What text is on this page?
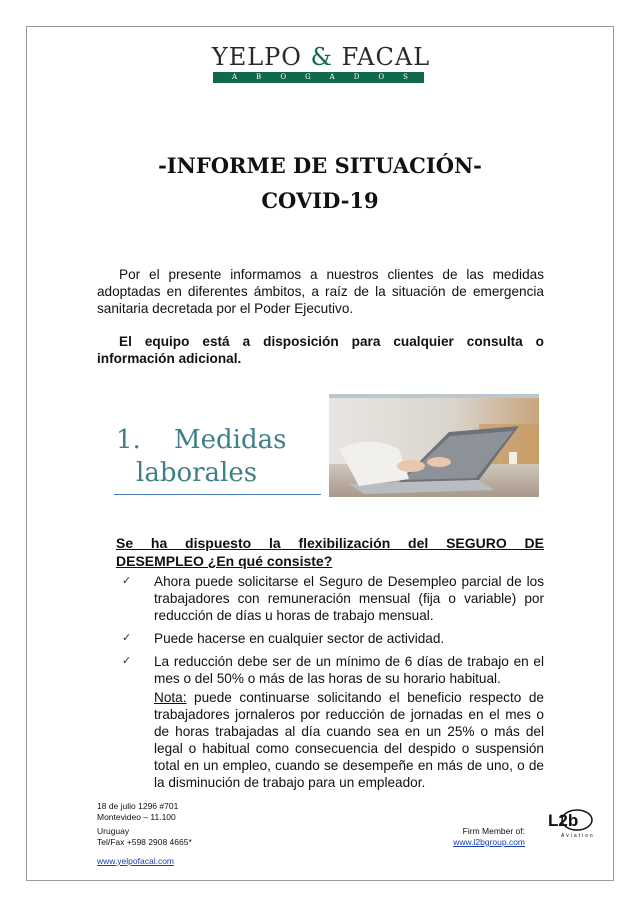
YELPO & FACAL
ABOGADOS
-INFORME DE SITUACIÓN-
COVID-19

Por el presente informamos a nuestros clientes de las medidas adoptadas en diferentes ámbitos, a raíz de la situación de emergencia sanitaria decretada por el Poder Ejecutivo.

El equipo está a disposición para cualquier consulta o información adicional.

1. Medidas
laborales
Se ha dispuesto la flexibilización del SEGURO DE
DESEMPLEO ¿En qué consiste?
✓ Ahora puede solicitarse el Seguro de Desempleo parcial de los trabajadores con remuneración mensual (fija o variable) por reducción de días u horas de trabajo mensual.
✓ Puede hacerse en cualquier sector de actividad.
✓ La reducción debe ser de un mínimo de 6 días de trabajo en el mes o del 50% o más de las horas de su horario habitual.

Nota: puede continuarse solicitando el beneficio respecto de trabajadores jornaleros por reducción de jornadas en el mes o de horas trabajadas al día cuando sea en un 25% o más del legal o habitual como consecuencia del despido o suspensión total en un empleo, cuando se desempeñe en más de uno, o de la disminución de trabajo para un empleador.

18 de julio 1296 #701
Montevideo – 11.100
Uruguay
Tel/Fax +598 2908 4665*
www.yelpofacal.com
Firm Member of:
www.l2bgroup.com
L2b
Aviation
